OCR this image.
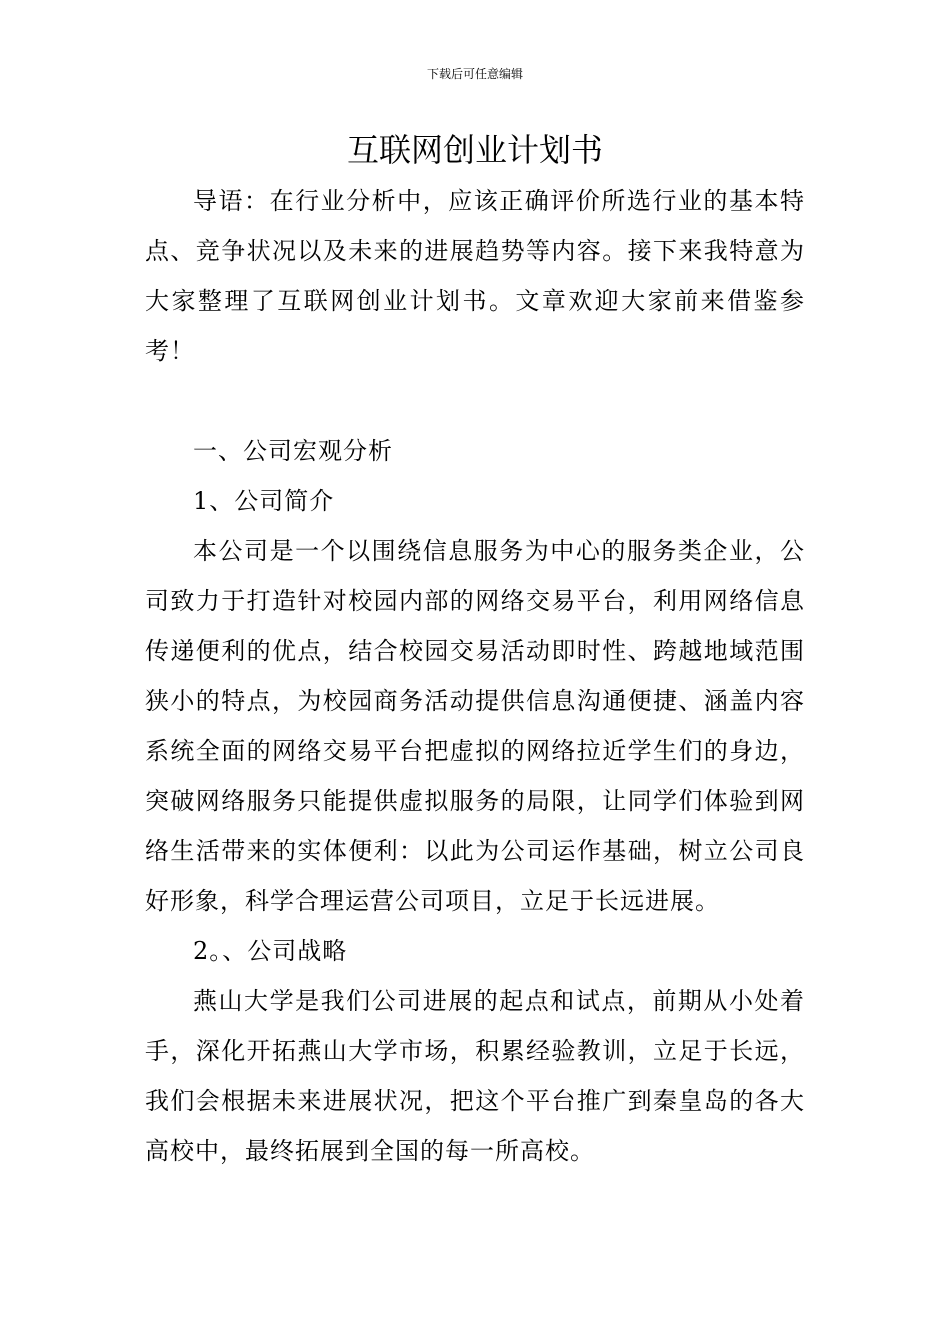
下载后可任意编辑
互联网创业计划书

导语：在行业分析中，应该正确评价所选行业的基本特点、竞争状况以及未来的进展趋势等内容。接下来我特意为大家整理了互联网创业计划书。文章欢迎大家前来借鉴参考！

一、公司宏观分析

1、公司简介

本公司是一个以围绕信息服务为中心的服务类企业，公司致力于打造针对校园内部的网络交易平台，利用网络信息传递便利的优点，结合校园交易活动即时性、跨越地域范围狭小的特点，为校园商务活动提供信息沟通便捷、涵盖内容系统全面的网络交易平台把虚拟的网络拉近学生们的身边，突破网络服务只能提供虚拟服务的局限，让同学们体验到网络生活带来的实体便利：以此为公司运作基础，树立公司良好形象，科学合理运营公司项目，立足于长远进展。

2。、公司战略

燕山大学是我们公司进展的起点和试点，前期从小处着手，深化开拓燕山大学市场，积累经验教训，立足于长远，我们会根据未来进展状况，把这个平台推广到秦皇岛的各大高校中，最终拓展到全国的每一所高校。
